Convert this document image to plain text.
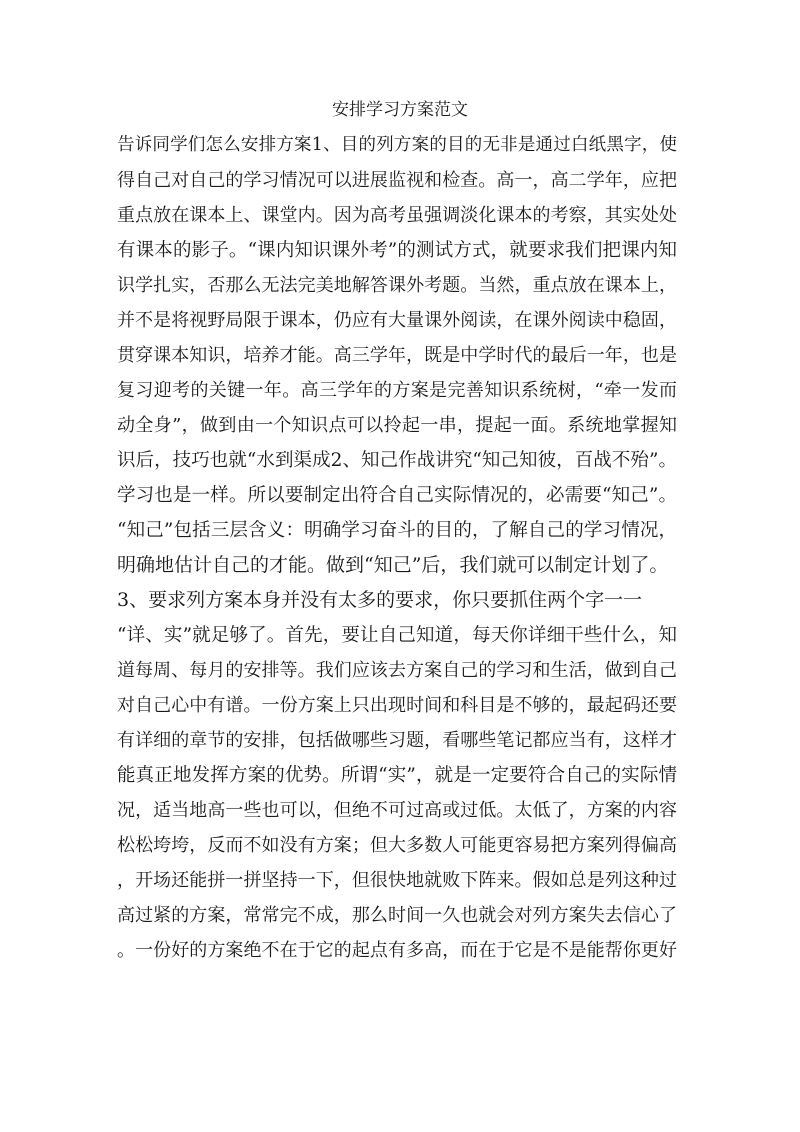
安排学习方案范文
告诉同学们怎么安排方案1、目的列方案的目的无非是通过白纸黑字，使
得自己对自己的学习情况可以进展监视和检查。高一，高二学年，应把
重点放在课本上、课堂内。因为高考虽强调淡化课本的考察，其实处处
有课本的影子。“课内知识课外考”的测试方式，就要求我们把课内知
识学扎实，否那么无法完美地解答课外考题。当然，重点放在课本上，
并不是将视野局限于课本，仍应有大量课外阅读，在课外阅读中稳固，
贯穿课本知识，培养才能。高三学年，既是中学时代的最后一年，也是
复习迎考的关键一年。高三学年的方案是完善知识系统树，“牵一发而
动全身”，做到由一个知识点可以拎起一串，提起一面。系统地掌握知
识后，技巧也就“水到渠成2、知己作战讲究“知己知彼，百战不殆”。
学习也是一样。所以要制定出符合自己实际情况的，必需要“知己”。
“知己”包括三层含义：明确学习奋斗的目的，了解自己的学习情况，
明确地估计自己的才能。做到“知己”后，我们就可以制定计划了。
3、要求列方案本身并没有太多的要求，你只要抓住两个字一一
“详、实”就足够了。首先，要让自己知道，每天你详细干些什么，知
道每周、每月的安排等。我们应该去方案自己的学习和生活，做到自己
对自己心中有谱。一份方案上只出现时间和科目是不够的，最起码还要
有详细的章节的安排，包括做哪些习题，看哪些笔记都应当有，这样才
能真正地发挥方案的优势。所谓“实”，就是一定要符合自己的实际情
况，适当地高一些也可以，但绝不可过高或过低。太低了，方案的内容
松松垮垮，反而不如没有方案；但大多数人可能更容易把方案列得偏高
，开场还能拼一拼坚持一下，但很快地就败下阵来。假如总是列这种过
高过紧的方案，常常完不成，那么时间一久也就会对列方案失去信心了
。一份好的方案绝不在于它的起点有多高，而在于它是不是能帮你更好
